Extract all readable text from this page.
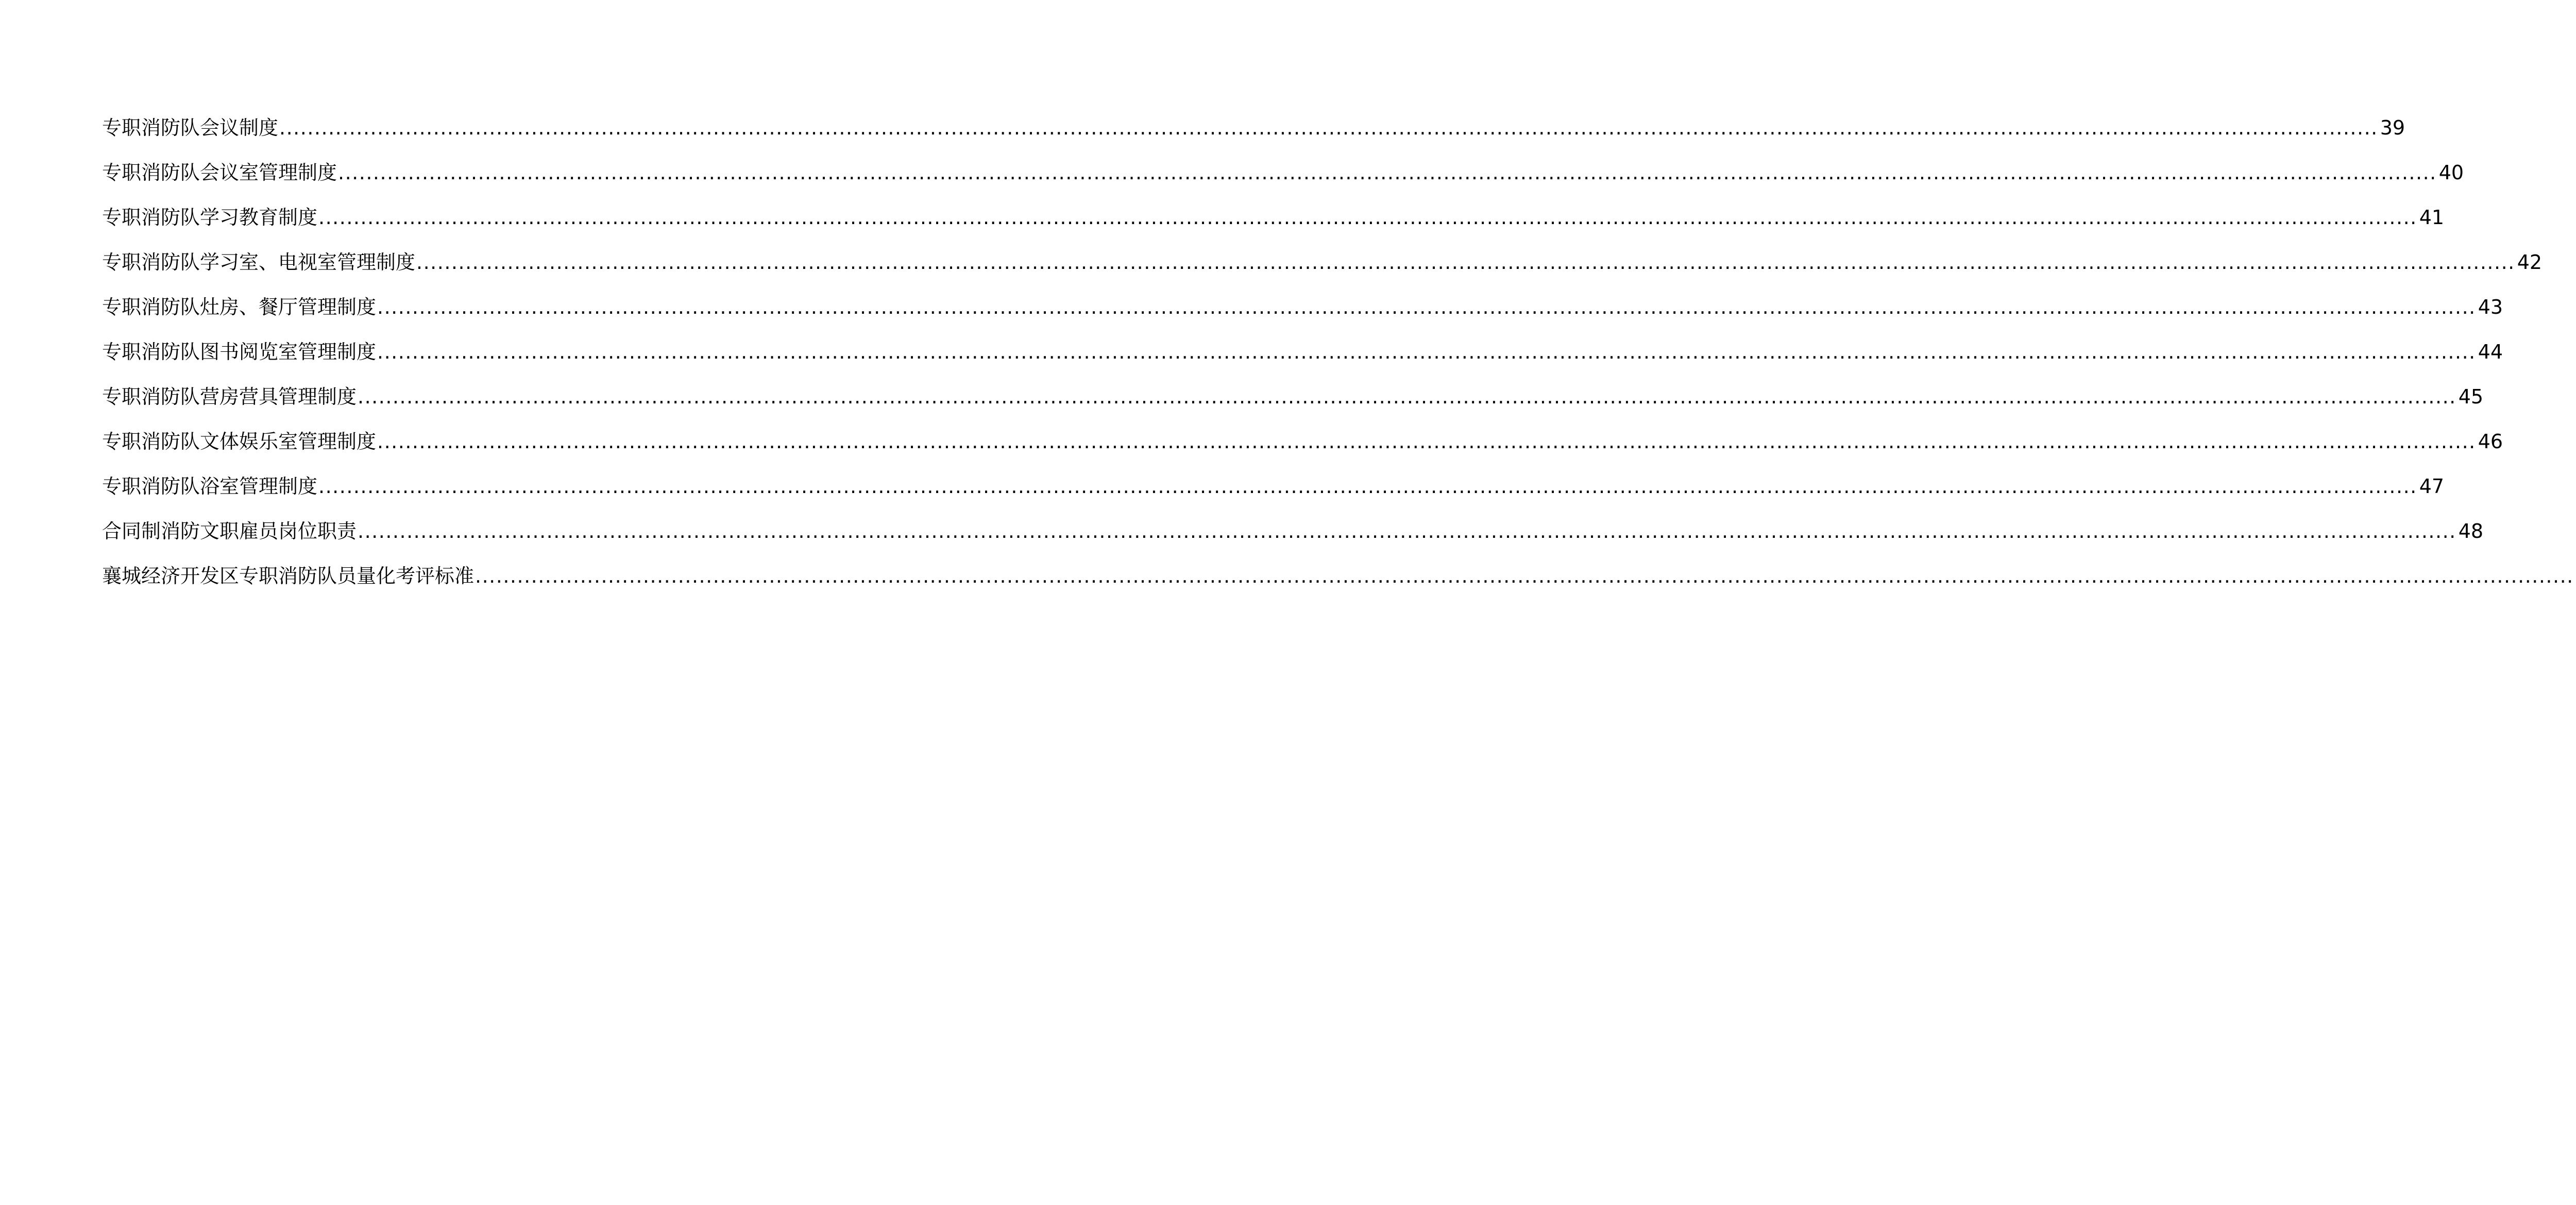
专职消防队会议制度 ............................................................................................................................................................................................................................................................................................................ 39
专职消防队会议室管理制度 ............................................................................................................................................................................................................................................................................................................ 40
专职消防队学习教育制度 ............................................................................................................................................................................................................................................................................................................ 41
专职消防队学习室、电视室管理制度 ............................................................................................................................................................................................................................................................................................................ 42
专职消防队灶房、餐厅管理制度 ............................................................................................................................................................................................................................................................................................................ 43
专职消防队图书阅览室管理制度 ............................................................................................................................................................................................................................................................................................................ 44
专职消防队营房营具管理制度 ............................................................................................................................................................................................................................................................................................................ 45
专职消防队文体娱乐室管理制度 ............................................................................................................................................................................................................................................................................................................ 46
专职消防队浴室管理制度 ............................................................................................................................................................................................................................................................................................................ 47
合同制消防文职雇员岗位职责 ............................................................................................................................................................................................................................................................................................................ 48
襄城经济开发区专职消防队员量化考评标准 ............................................................................................................................................................................................................................................................................................................
